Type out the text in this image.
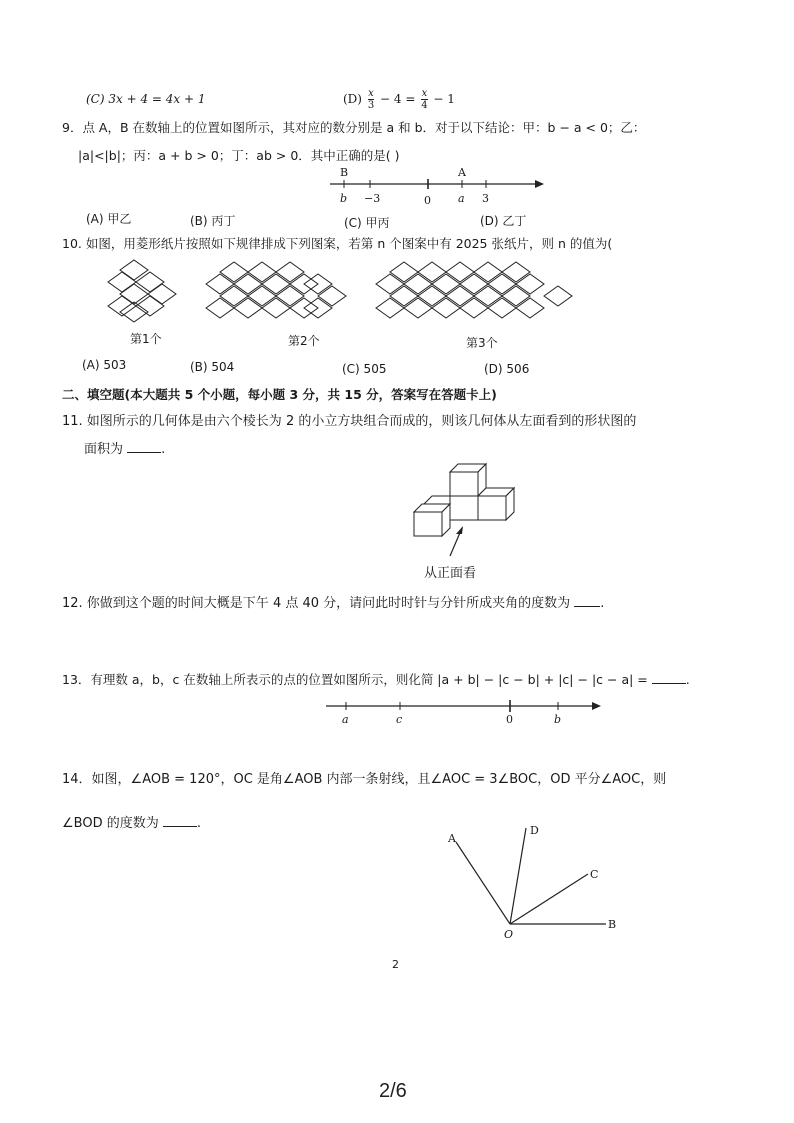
(C) 3x + 4 = 4x + 1	$(D) \frac{x}{3} - 4 = \frac{x}{4} - 1$
9．点 A，B 在数轴上的位置如图所示，其对应的数分别是 a 和 b．对于以下结论：甲：b − a < 0；乙：
|a|<|b|；丙：a + b > 0；丁：ab > 0．其中正确的是( )
B	A
b −3	0 a 3
(A) 甲乙	(B) 丙丁	(C) 甲丙	(D) 乙丁
10. 如图，用菱形纸片按照如下规律排成下列图案，若第 n 个图案中有 2025 张纸片，则 n 的值为(
第1个	第2个	第3个
(A) 503	(B) 504	(C) 505	(D) 506
二、填空题(本大题共 5 个小题，每小题 3 分，共 15 分，答案写在答题卡上)
11. 如图所示的几何体是由六个棱长为 2 的小立方块组合而成的，则该几何体从左面看到的形状图的
面积为	.
从正面看
12. 你做到这个题的时间大概是下午 4 点 40 分，请问此时时针与分针所成夹角的度数为 .
13．有理数 a，b，c 在数轴上所表示的点的位置如图所示，则化简 |a + b| − |c − b| + |c| − |c − a| =	.
a	c	0	b
14．如图，∠AOB = 120°，OC 是角∠AOB 内部一条射线，且∠AOC = 3∠BOC，OD 平分∠AOC，则
∠BOD 的度数为	.
A
D
C
O
B
2
2/6
